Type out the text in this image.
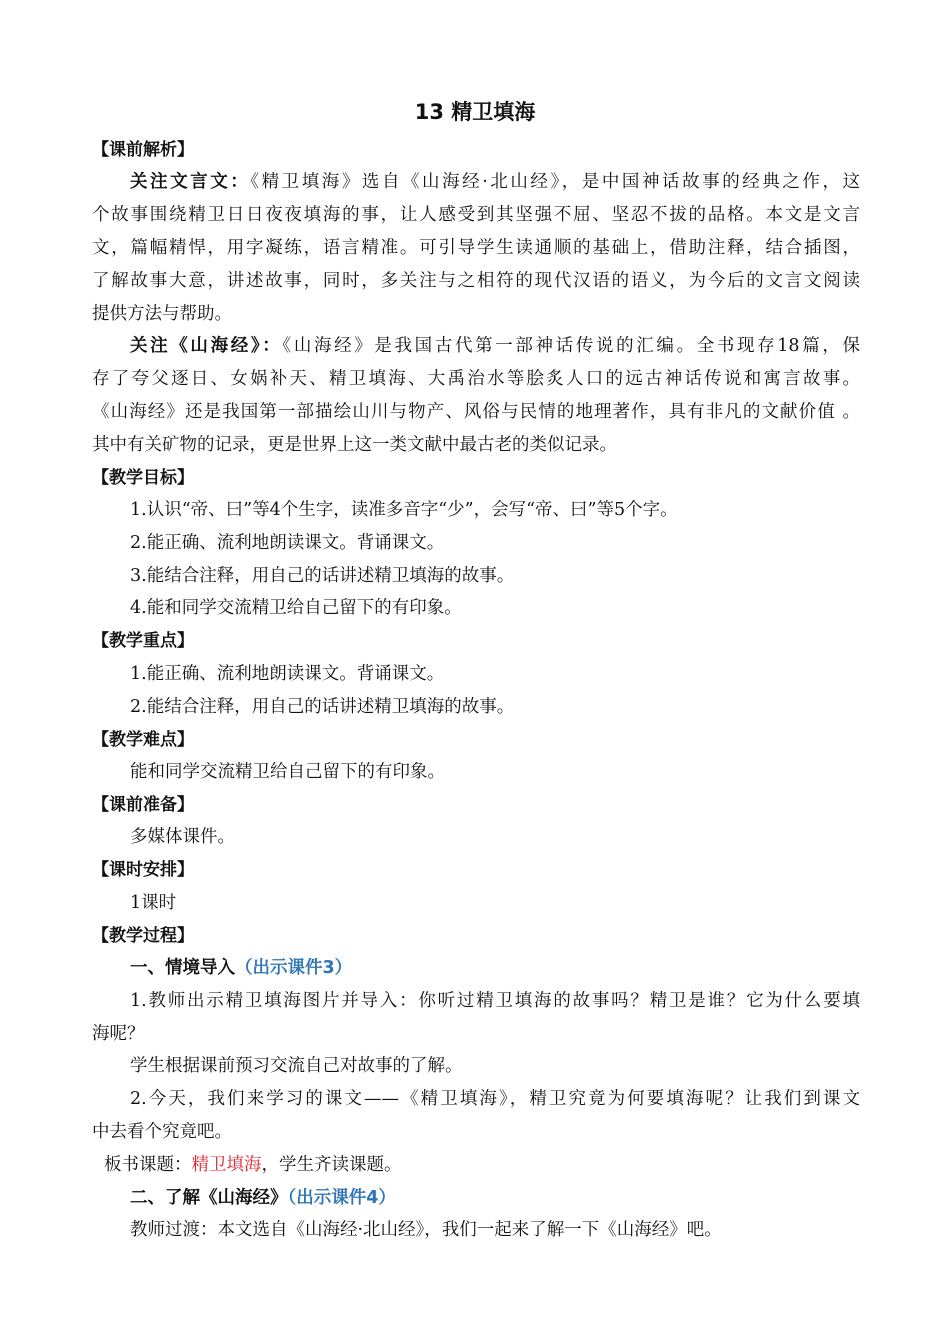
13 精卫填海
【课前解析】
关注文言文：《精卫填海》选自《山海经·北山经》，是中国神话故事的经典之作，这
个故事围绕精卫日日夜夜填海的事，让人感受到其坚强不屈、坚忍不拔的品格。本文是文言
文，篇幅精悍，用字凝练，语言精准。可引导学生读通顺的基础上，借助注释，结合插图，
了解故事大意，讲述故事，同时，多关注与之相符的现代汉语的语义，为今后的文言文阅读
提供方法与帮助。
关注《山海经》：《山海经》是我国古代第一部神话传说的汇编。全书现存18篇，保
存了夸父逐日、女娲补天、精卫填海、大禹治水等脍炙人口的远古神话传说和寓言故事。
《山海经》还是我国第一部描绘山川与物产、风俗与民情的地理著作，具有非凡的文献价值 。
其中有关矿物的记录，更是世界上这一类文献中最古老的类似记录。
【教学目标】
1.认识“帝、曰”等4个生字，读准多音字“少”，会写“帝、曰”等5个字。
2.能正确、流利地朗读课文。背诵课文。
3.能结合注释，用自己的话讲述精卫填海的故事。
4.能和同学交流精卫给自己留下的有印象。
【教学重点】
1.能正确、流利地朗读课文。背诵课文。
2.能结合注释，用自己的话讲述精卫填海的故事。
【教学难点】
能和同学交流精卫给自己留下的有印象。
【课前准备】
多媒体课件。
【课时安排】
1课时
【教学过程】
一、情境导入（出示课件3）
1.教师出示精卫填海图片并导入：你听过精卫填海的故事吗？精卫是谁？它为什么要填
海呢？
学生根据课前预习交流自己对故事的了解。
2.今天，我们来学习的课文——《精卫填海》，精卫究竟为何要填海呢？让我们到课文
中去看个究竟吧。
板书课题：精卫填海，学生齐读课题。
二、了解《山海经》（出示课件4）
教师过渡：本文选自《山海经·北山经》，我们一起来了解一下《山海经》吧。
